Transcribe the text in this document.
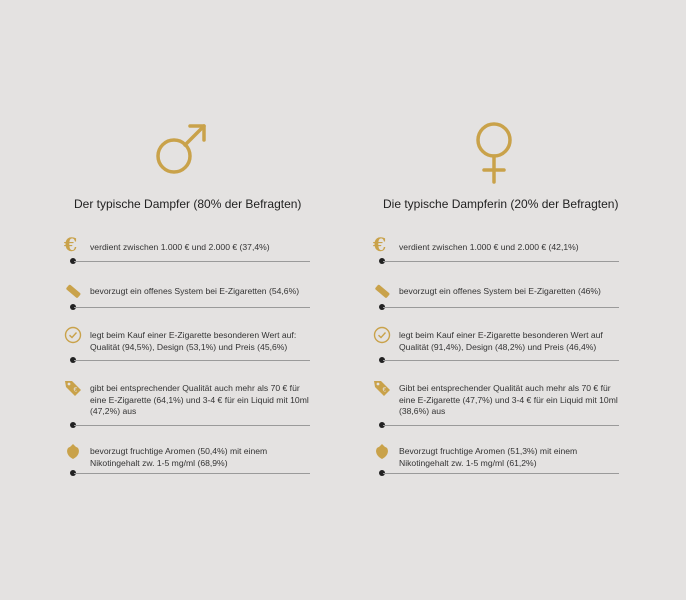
Der typische Dampfer (80% der Befragten)
€	verdient zwischen 1.000 € und 2.000 € (37,4%)
bevorzugt ein offenes System bei E-Zigaretten (54,6%)
legt beim Kauf einer E-Zigarette besonderen Wert auf: Qualität (94,5%), Design (53,1%) und Preis (45,6%)
€ gibt bei entsprechender Qualität auch mehr als 70 € für eine E-Zigarette (64,1%) und 3-4 € für ein Liquid mit 10ml (47,2%) aus
bevorzugt fruchtige Aromen (50,4%) mit einem Nikotingehalt zw. 1-5 mg/ml (68,9%)
Die typische Dampferin (20% der Befragten)
€	verdient zwischen 1.000 € und 2.000 € (42,1%)
bevorzugt ein offenes System bei E-Zigaretten (46%)
legt beim Kauf einer E-Zigarette besonderen Wert auf Qualität (91,4%), Design (48,2%) und Preis (46,4%)
€ Gibt bei entsprechender Qualität auch mehr als 70 € für eine E-Zigarette (47,7%) und 3-4 € für ein Liquid mit 10ml (38,6%) aus
Bevorzugt fruchtige Aromen (51,3%) mit einem Nikotingehalt zw. 1-5 mg/ml (61,2%)
